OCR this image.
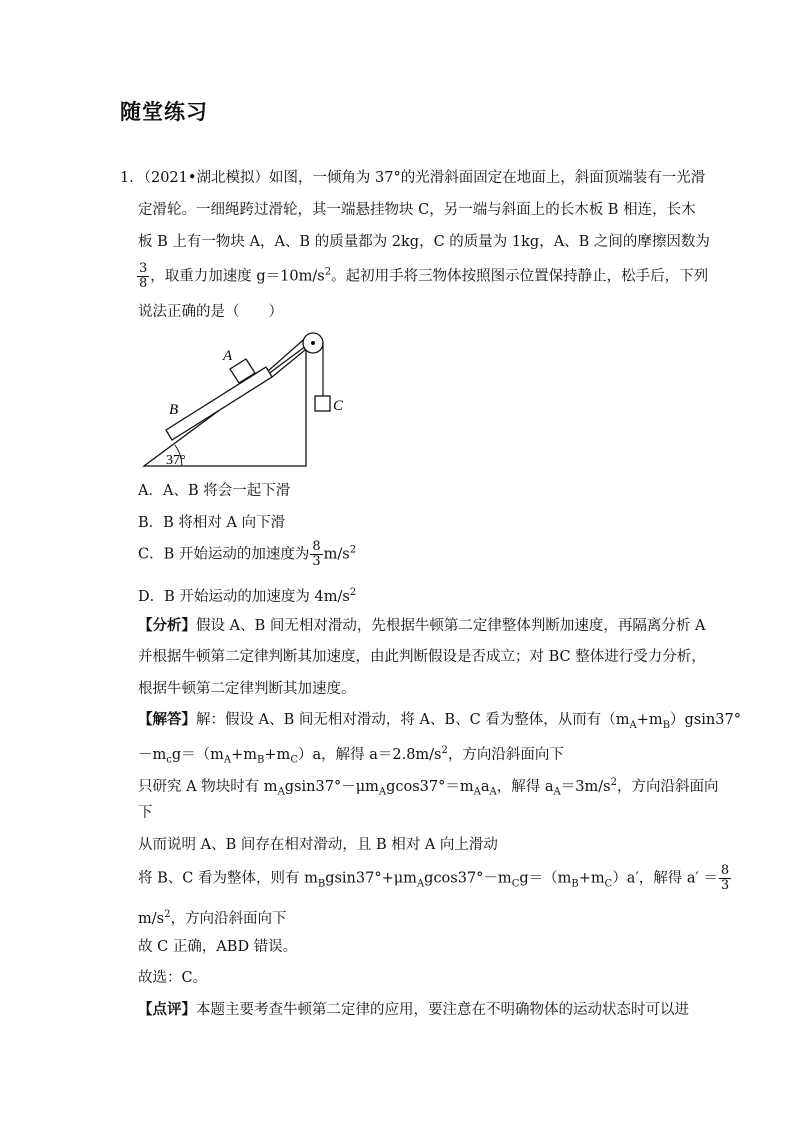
随堂练习
1．（2021•湖北模拟）如图，一倾角为 37°的光滑斜面固定在地面上，斜面顶端装有一光滑
定滑轮。一细绳跨过滑轮，其一端悬挂物块 C，另一端与斜面上的长木板 B 相连，长木
板 B 上有一物块 A，A、B 的质量都为 2kg，C 的质量为 1kg，A、B 之间的摩擦因数为
$\frac{3}{8}$ ，取重力加速度 $g=10m/s^2$。起初用手将三物体按照图示位置保持静止，松手后，下列
说法正确的是（　　）
A
B	C
37°
A．A、B 将会一起下滑
B．B 将相对 A 向下滑
C．B 开始运动的加速度为 $\frac{8}{3} m/s^2$
D．B 开始运动的加速度为 $4m/s^2$
【分析】假设 A、B 间无相对滑动，先根据牛顿第二定律整体判断加速度，再隔离分析 A
并根据牛顿第二定律判断其加速度，由此判断假设是否成立；对 BC 整体进行受力分析，
根据牛顿第二定律判断其加速度。
【解答】解：假设 A、B 间无相对滑动，将 A、B、C 看为整体，从而有$(m_A+m_B)gsin37^\circ$
$-m_cg=(m_A+m_B+m_C)a$，解得 $a=2.8m/s^2$，方向沿斜面向下
只研究 A 物块时有 $m_Agsin37^\circ-\mu m_Agcos37^\circ=m_Aa_A$，解得 $a_A=3m/s^2$，方向沿斜面向
下
从而说明 A、B 间存在相对滑动，且 B 相对 A 向上滑动
将 B、C 看为整体，则有 $m_Bgsin37^\circ+\mu m_Agcos37^\circ-m_Cg=(m_B+m_C)a'$，解得 $a' = \frac{8}{3}$
$m/s^2$，方向沿斜面向下
故 C 正确，ABD 错误。
故选：C。
【点评】本题主要考查牛顿第二定律的应用，要注意在不明确物体的运动状态时可以进
